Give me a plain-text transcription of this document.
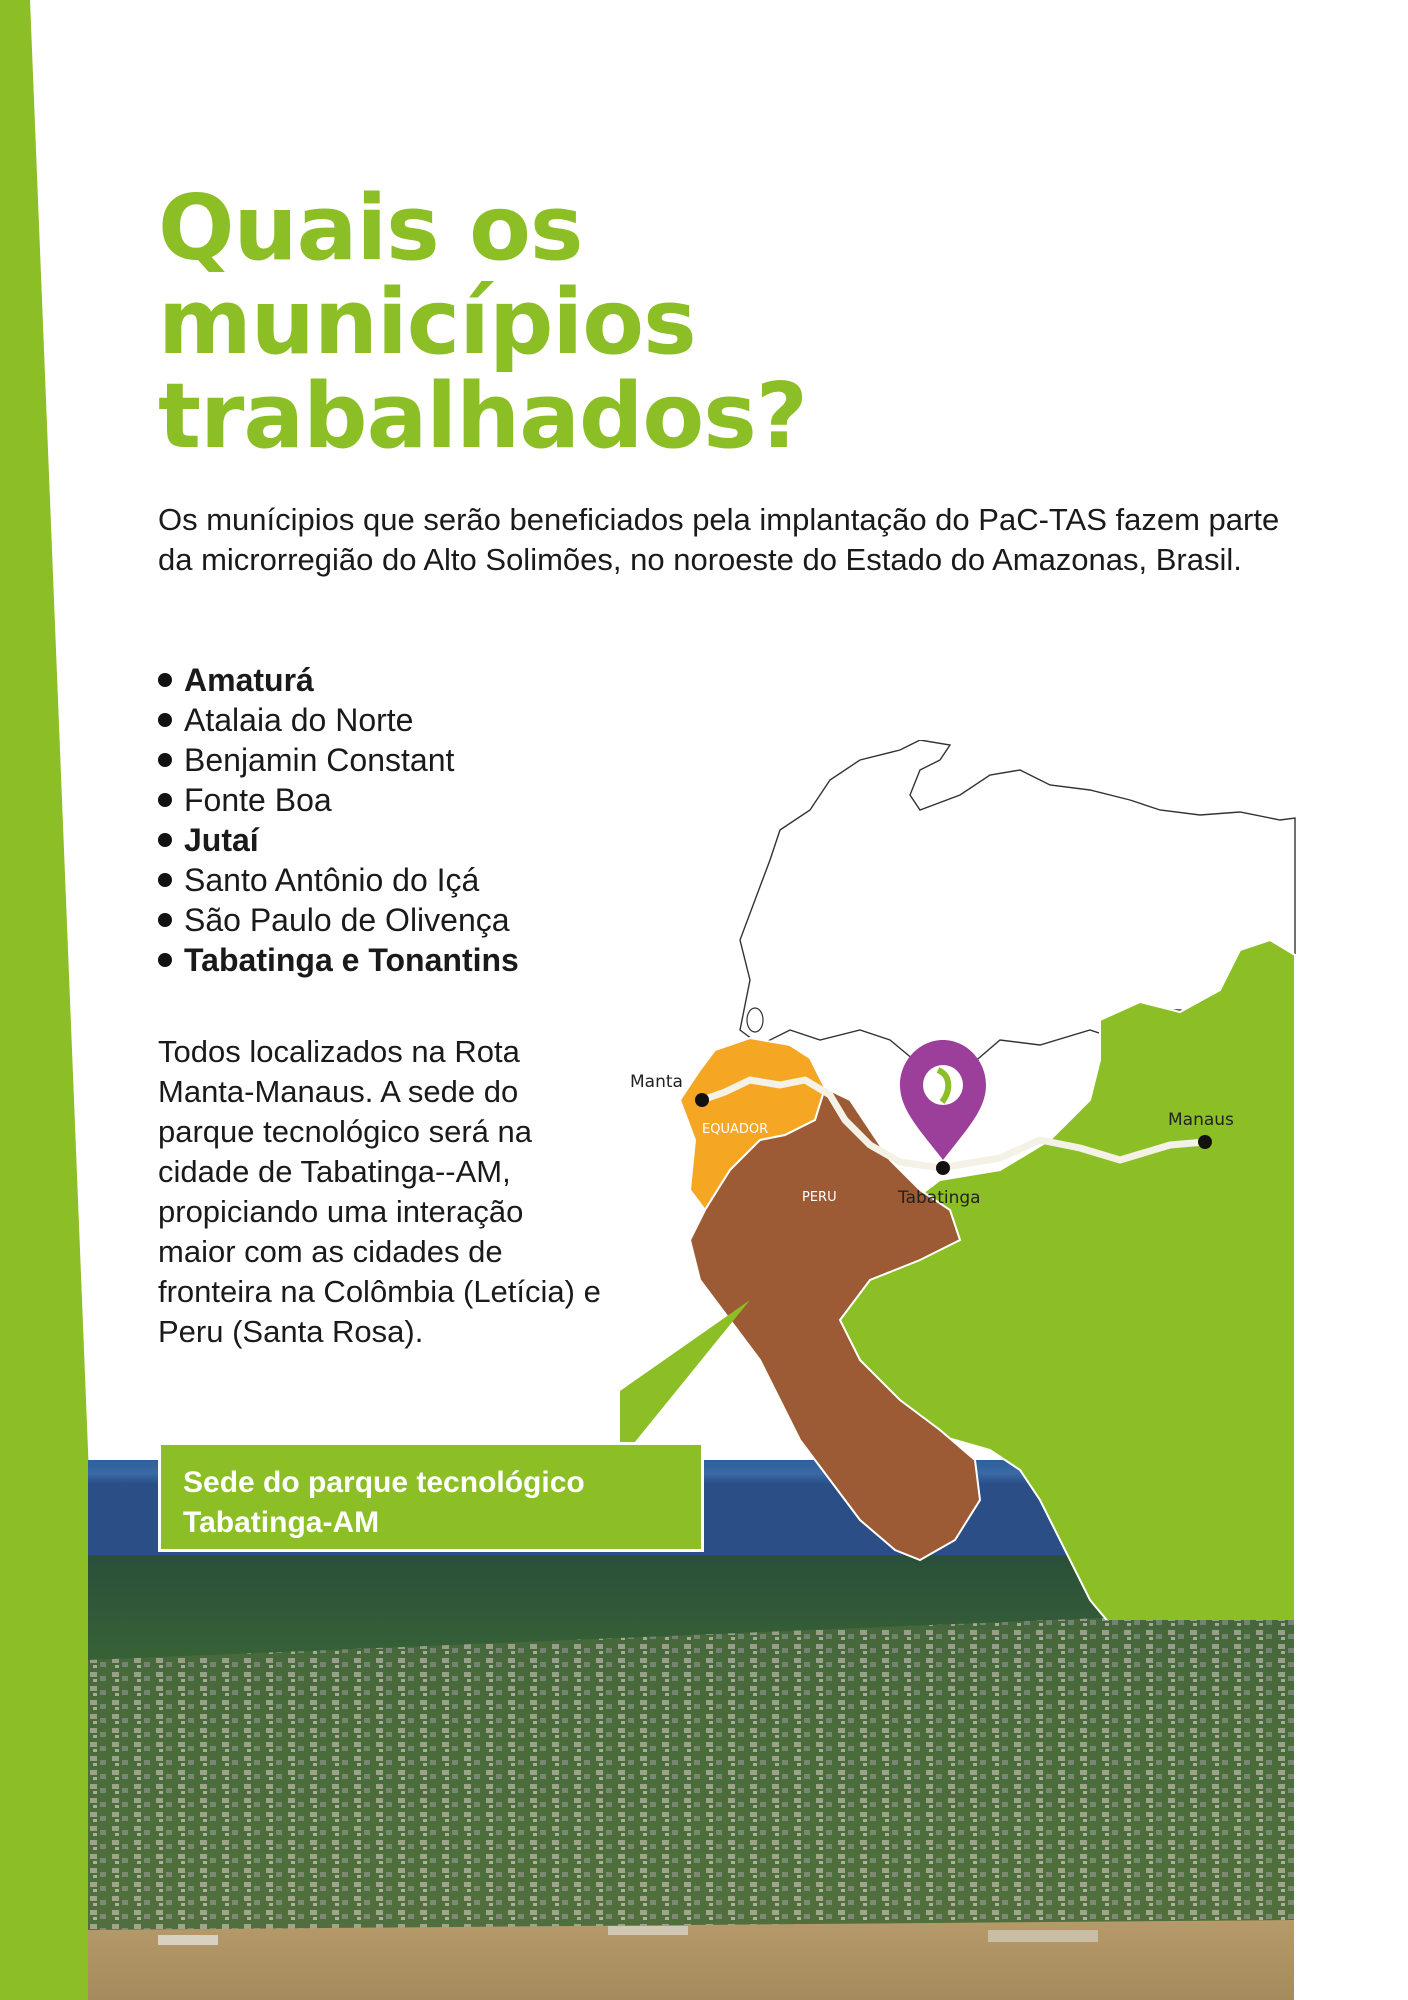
Quais os
municípios
trabalhados?

Os munícipios que serão beneficiados pela implantação do PaC-TAS fazem parte da microrregião do Alto Solimões, no noroeste do Estado do Amazonas, Brasil.

Amaturá
Atalaia do Norte
Benjamin Constant
Fonte Boa
Jutaí
Santo Antônio do Içá
São Paulo de Olivença
Tabatinga e Tonantins

Todos localizados na Rota Manta-Manaus. A sede do parque tecnológico será na cidade de Tabatinga--AM, propiciando uma interação maior com as cidades de fronteira na Colômbia (Letícia) e Peru (Santa Rosa).

Manta
EQUADOR
PERU	Tabatinga
Manaus
Sede do parque tecnológico
Tabatinga-AM
